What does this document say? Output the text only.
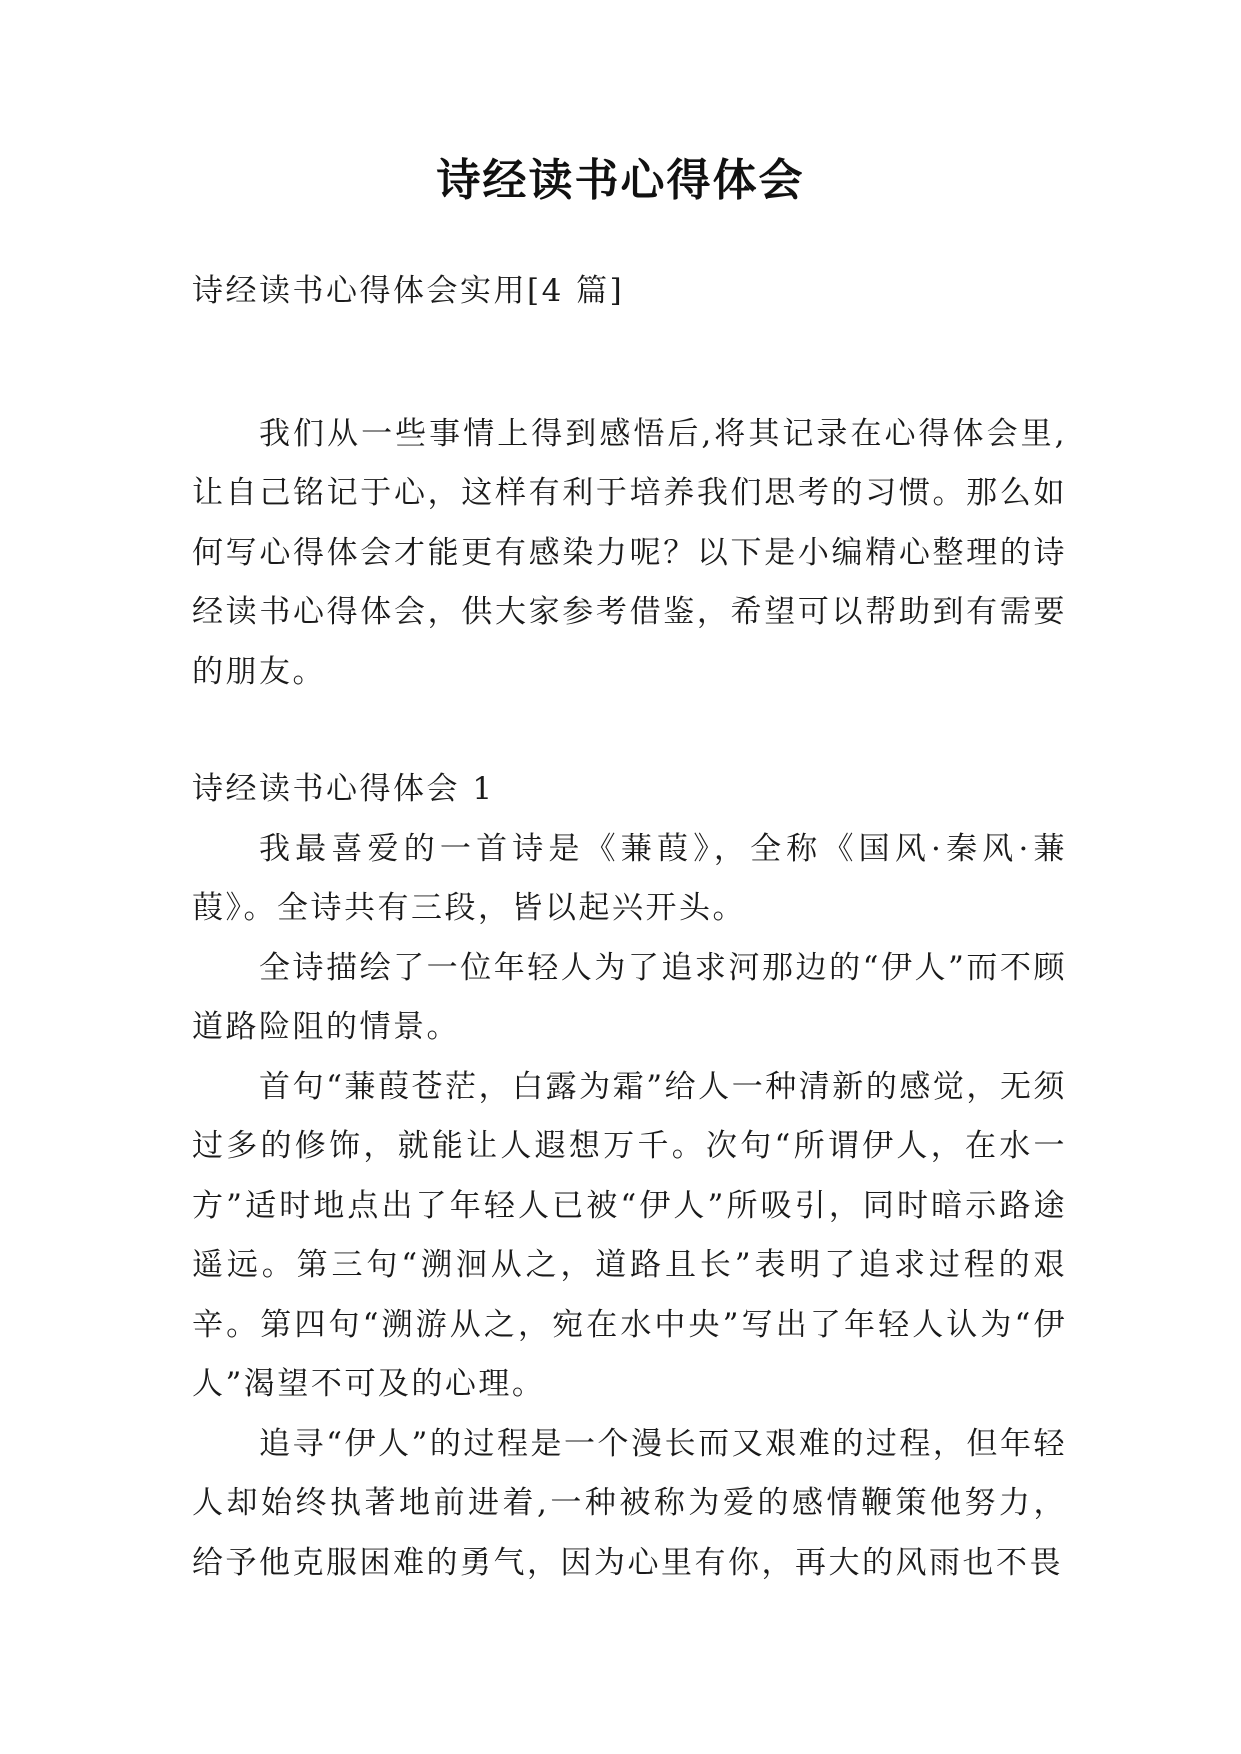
诗经读书心得体会

诗经读书心得体会实用[4 篇]

我们从一些事情上得到感悟后,将其记录在心得体会里,让自己铭记于心，这样有利于培养我们思考的习惯。那么如何写心得体会才能更有感染力呢？以下是小编精心整理的诗经读书心得体会，供大家参考借鉴，希望可以帮助到有需要的朋友。

诗经读书心得体会 1

我最喜爱的一首诗是《蒹葭》，全称《国风·秦风·蒹葭》。全诗共有三段，皆以起兴开头。

全诗描绘了一位年轻人为了追求河那边的“伊人”而不顾道路险阻的情景。

首句“蒹葭苍茫，白露为霜”给人一种清新的感觉，无须过多的修饰，就能让人遐想万千。次句“所谓伊人，在水一方”适时地点出了年轻人已被“伊人”所吸引，同时暗示路途遥远。第三句“溯洄从之，道路且长”表明了追求过程的艰辛。第四句“溯游从之，宛在水中央”写出了年轻人认为“伊人”渴望不可及的心理。

追寻“伊人”的过程是一个漫长而又艰难的过程，但年轻人却始终执著地前进着,一种被称为爱的感情鞭策他努力，给予他克服困难的勇气，因为心里有你，再大的风雨也不畏
